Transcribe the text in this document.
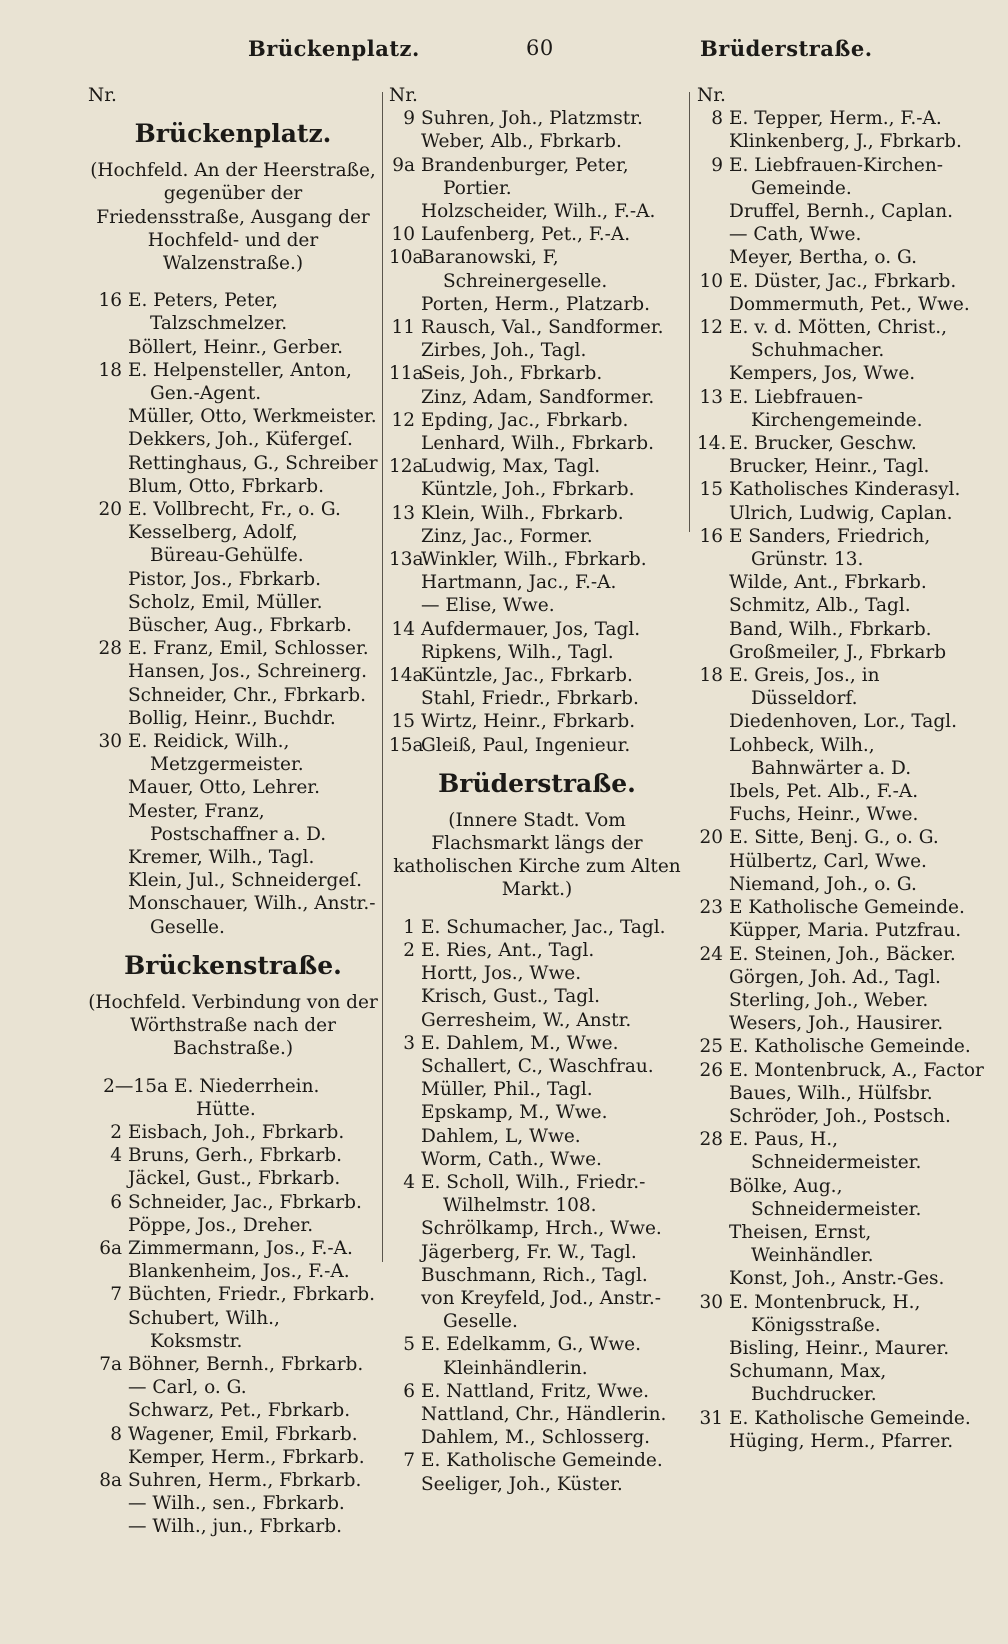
Brückenplatz.	60	Brüderstraße.
Nr.
Brückenplatz.
(Hochfeld. An der Heerstraße, gegenüber der Friedensstraße, Ausgang der Hochfeld- und der Walzenstraße.)
16 E. Peters, Peter, Talzschmelzer.
Böllert, Heinr., Gerber.
18 E. Helpensteller, Anton, Gen.-Agent.
Müller, Otto, Werkmeister.
Dekkers, Joh., Küfergeſ.
Rettinghaus, G., Schreiber
Blum, Otto, Fbrkarb.
20 E. Vollbrecht, Fr., o. G.
Kesselberg, Adolf, Büreau-Gehülfe.
Pistor, Jos., Fbrkarb.
Scholz, Emil, Müller.
Büscher, Aug., Fbrkarb.
28 E. Franz, Emil, Schlosser.
Hansen, Jos., Schreinerg.
Schneider, Chr., Fbrkarb.
Bollig, Heinr., Buchdr.
30 E. Reidick, Wilh., Metzgermeister.
Mauer, Otto, Lehrer.
Mester, Franz, Postschaffner a. D.
Kremer, Wilh., Tagl.
Klein, Jul., Schneidergeſ.
Monschauer, Wilh., Anstr.-Geselle.
Brückenstraße.
(Hochfeld. Verbindung von der Wörthstraße nach der Bachstraße.)
2—15a E. Niederrhein. Hütte.
2 Eisbach, Joh., Fbrkarb.
4 Bruns, Gerh., Fbrkarb.
Jäckel, Gust., Fbrkarb.
6 Schneider, Jac., Fbrkarb.
Pöppe, Jos., Dreher.
6a Zimmermann, Jos., F.-A.
Blankenheim, Jos., F.-A.
7 Büchten, Friedr., Fbrkarb.
Schubert, Wilh., Koksmstr.
7a Böhner, Bernh., Fbrkarb.
— Carl, o. G.
Schwarz, Pet., Fbrkarb.
8 Wagener, Emil, Fbrkarb.
Kemper, Herm., Fbrkarb.
8a Suhren, Herm., Fbrkarb.
— Wilh., sen., Fbrkarb.
— Wilh., jun., Fbrkarb.
Nr.
9 Suhren, Joh., Platzmstr.
Weber, Alb., Fbrkarb.
9a Brandenburger, Peter, Portier.
Holzscheider, Wilh., F.-A.
10 Laufenberg, Pet., F.-A.
10a
Baranowski, F, Schreinergeselle.
Porten, Herm., Platzarb.
11 Rausch, Val., Sandformer.
Zirbes, Joh., Tagl.
11a
Seis, Joh., Fbrkarb.
Zinz, Adam, Sandformer.
12 Epding, Jac., Fbrkarb.
Lenhard, Wilh., Fbrkarb.
12a
Ludwig, Max, Tagl.
Küntzle, Joh., Fbrkarb.
13 Klein, Wilh., Fbrkarb.
Zinz, Jac., Former.
13a
Winkler, Wilh., Fbrkarb.
Hartmann, Jac., F.-A.
— Elise, Wwe.
14 Aufdermauer, Jos, Tagl.
Ripkens, Wilh., Tagl.
14a
Küntzle, Jac., Fbrkarb.
Stahl, Friedr., Fbrkarb.
15 Wirtz, Heinr., Fbrkarb.
15a
Gleiß, Paul, Ingenieur.
Brüderstraße.
(Innere Stadt. Vom Flachsmarkt längs der katholischen Kirche zum Alten Markt.)
1 E. Schumacher, Jac., Tagl.
2 E. Ries, Ant., Tagl.
Hortt, Jos., Wwe.
Krisch, Gust., Tagl.
Gerresheim, W., Anstr.
3 E. Dahlem, M., Wwe.
Schallert, C., Waschfrau.
Müller, Phil., Tagl.
Epskamp, M., Wwe.
Dahlem, L, Wwe.
Worm, Cath., Wwe.
4 E. Scholl, Wilh., Friedr.-Wilhelmstr. 108.
Schrölkamp, Hrch., Wwe.
Jägerberg, Fr. W., Tagl.
Buschmann, Rich., Tagl.
von Kreyfeld, Jod., Anstr.-Geselle.
5 E. Edelkamm, G., Wwe. Kleinhändlerin.
6 E. Nattland, Fritz, Wwe.
Nattland, Chr., Händlerin.
Dahlem, M., Schlosserg.
7 E. Katholische Gemeinde.
Seeliger, Joh., Küster.
Nr.
8 E. Tepper, Herm., F.-A.
Klinkenberg, J., Fbrkarb.
9 E. Liebfrauen-Kirchen-Gemeinde.
Druffel, Bernh., Caplan.
— Cath, Wwe.
Meyer, Bertha, o. G.
10 E. Düster, Jac., Fbrkarb.
Dommermuth, Pet., Wwe.
12 E. v. d. Mötten, Christ., Schuhmacher.
Kempers, Jos, Wwe.
13 E. Liebfrauen-Kirchengemeinde.
14. E. Brucker, Geschw.
Brucker, Heinr., Tagl.
15 Katholisches Kinderasyl.
Ulrich, Ludwig, Caplan.
16 E Sanders, Friedrich, Grünstr. 13.
Wilde, Ant., Fbrkarb.
Schmitz, Alb., Tagl.
Band, Wilh., Fbrkarb.
Großmeiler, J., Fbrkarb
18 E. Greis, Jos., in Düsseldorf.
Diedenhoven, Lor., Tagl.
Lohbeck, Wilh., Bahnwärter a. D.
Ibels, Pet. Alb., F.-A.
Fuchs, Heinr., Wwe.
20 E. Sitte, Benj. G., o. G.
Hülbertz, Carl, Wwe.
Niemand, Joh., o. G.
23 E Katholische Gemeinde.
Küpper, Maria. Putzfrau.
24 E. Steinen, Joh., Bäcker.
Görgen, Joh. Ad., Tagl.
Sterling, Joh., Weber.
Wesers, Joh., Hausirer.
25 E. Katholische Gemeinde.
26 E. Montenbruck, A., Factor
Baues, Wilh., Hülfsbr.
Schröder, Joh., Postsch.
28 E. Paus, H., Schneidermeister.
Bölke, Aug., Schneidermeister.
Theisen, Ernst, Weinhändler.
Konst, Joh., Anstr.-Ges.
30 E. Montenbruck, H., Königsstraße.
Bisling, Heinr., Maurer.
Schumann, Max, Buchdrucker.
31 E. Katholische Gemeinde.
Hüging, Herm., Pfarrer.
